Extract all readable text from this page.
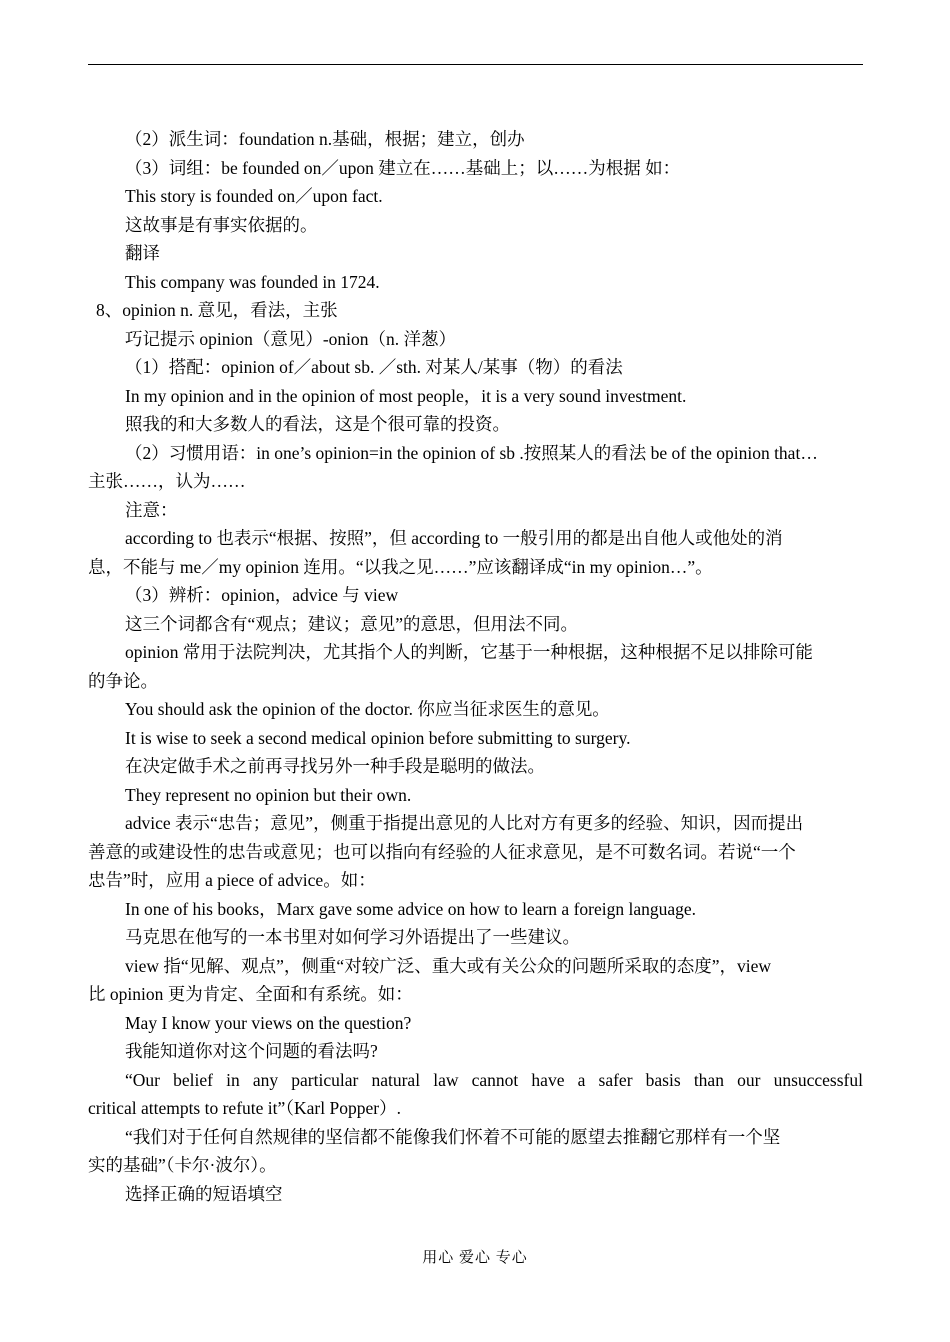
（2）派生词：foundation n.基础，根据；建立，创办
（3）词组：be founded on／upon 建立在……基础上；以……为根据 如：
This story is founded on／upon fact.
这故事是有事实依据的。
翻译
This company was founded in 1724.
8、opinion n. 意见，看法，主张
巧记提示 opinion（意见）-onion（n. 洋葱）
（1）搭配：opinion of／about sb. ／sth. 对某人/某事（物）的看法
In my opinion and in the opinion of most people，it is a very sound investment.
照我的和大多数人的看法，这是个很可靠的投资。
（2）习惯用语：in one’s opinion=in the opinion of sb .按照某人的看法 be of the opinion that…
主张……，认为……
注意：
according to 也表示“根据、按照”，但 according to 一般引用的都是出自他人或他处的消
息，不能与 me／my opinion 连用。“以我之见……”应该翻译成“in my opinion…”。
（3）辨析：opinion，advice 与 view
这三个词都含有“观点；建议；意见”的意思，但用法不同。
opinion 常用于法院判决，尤其指个人的判断，它基于一种根据，这种根据不足以排除可能
的争论。
You should ask the opinion of the doctor. 你应当征求医生的意见。
It is wise to seek a second medical opinion before submitting to surgery.
在决定做手术之前再寻找另外一种手段是聪明的做法。
They represent no opinion but their own.
advice 表示“忠告；意见”，侧重于指提出意见的人比对方有更多的经验、知识，因而提出
善意的或建设性的忠告或意见；也可以指向有经验的人征求意见，是不可数名词。若说“一个
忠告”时，应用 a piece of advice。如：
In one of his books，Marx gave some advice on how to learn a foreign language.
马克思在他写的一本书里对如何学习外语提出了一些建议。
view 指“见解、观点”，侧重“对较广泛、重大或有关公众的问题所采取的态度”，view
比 opinion 更为肯定、全面和有系统。如：
May I know your views on the question?
我能知道你对这个问题的看法吗?
“Our belief in any particular natural law cannot have a safer basis than our unsuccessful
critical attempts to refute it”（Karl Popper）.
“我们对于任何自然规律的坚信都不能像我们怀着不可能的愿望去推翻它那样有一个坚
实的基础”（卡尔·波尔）。
选择正确的短语填空
用心 爱心 专心
